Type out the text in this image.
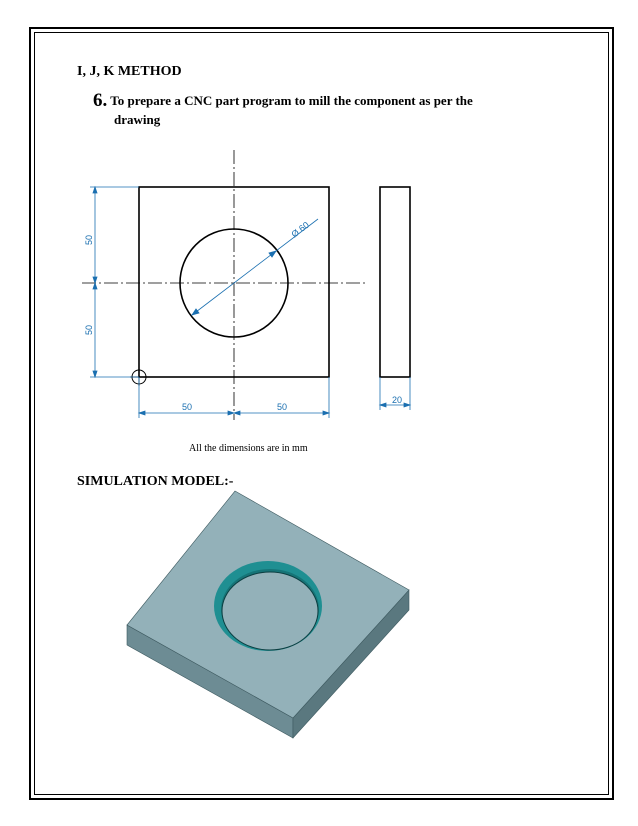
I, J, K METHOD
6. To prepare a CNC part program to mill the component as per the
drawing
50
50
50	50
Ø 60
20
All the dimensions are in mm
SIMULATION MODEL:-
